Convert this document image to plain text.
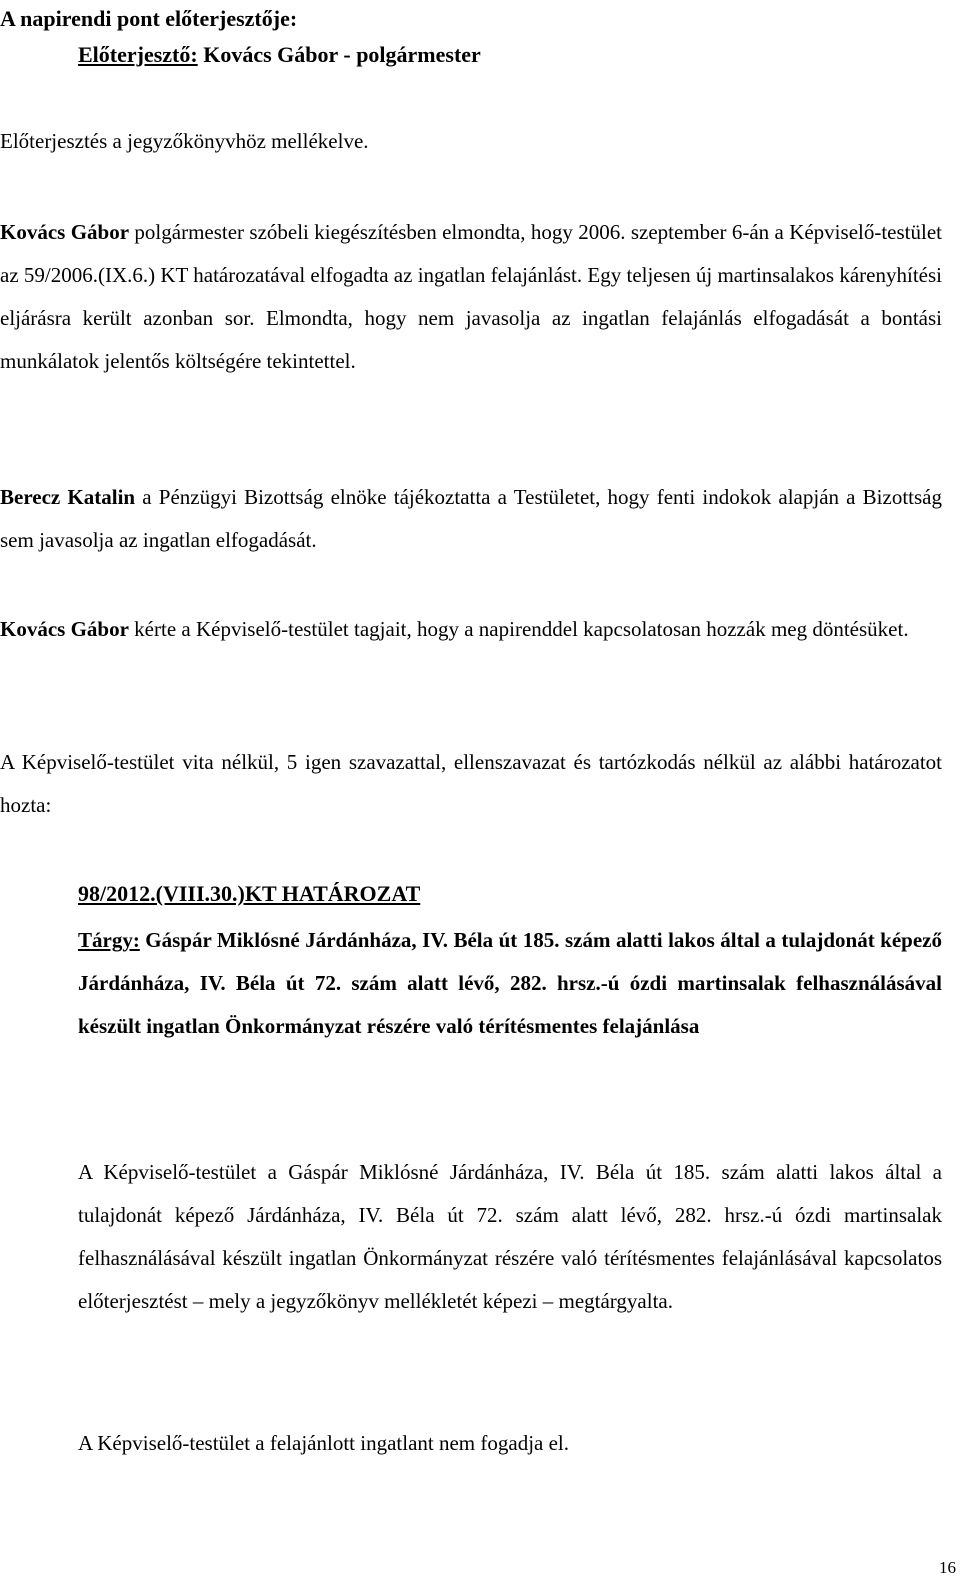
A napirendi pont előterjesztője:

Előterjesztő: Kovács Gábor - polgármester

Előterjesztés a jegyzőkönyvhöz mellékelve.

Kovács Gábor polgármester szóbeli kiegészítésben elmondta, hogy 2006. szeptember 6-án a Képviselő-testület az 59/2006.(IX.6.) KT határozatával elfogadta az ingatlan felajánlást. Egy teljesen új martinsalakos kárenyhítési eljárásra került azonban sor. Elmondta, hogy nem javasolja az ingatlan felajánlás elfogadását a bontási munkálatok jelentős költségére tekintettel.

Berecz Katalin a Pénzügyi Bizottság elnöke tájékoztatta a Testületet, hogy fenti indokok alapján a Bizottság sem javasolja az ingatlan elfogadását.

Kovács Gábor kérte a Képviselő-testület tagjait, hogy a napirenddel kapcsolatosan hozzák meg döntésüket.

A Képviselő-testület vita nélkül, 5 igen szavazattal, ellenszavazat és tartózkodás nélkül az alábbi határozatot hozta:

98/2012.(VIII.30.)KT HATÁROZAT

Tárgy: Gáspár Miklósné Járdánháza, IV. Béla út 185. szám alatti lakos által a tulajdonát képező Járdánháza, IV. Béla út 72. szám alatt lévő, 282. hrsz.-ú ózdi martinsalak felhasználásával készült ingatlan Önkormányzat részére való térítésmentes felajánlása

A Képviselő-testület a Gáspár Miklósné Járdánháza, IV. Béla út 185. szám alatti lakos által a tulajdonát képező Járdánháza, IV. Béla út 72. szám alatt lévő, 282. hrsz.-ú ózdi martinsalak felhasználásával készült ingatlan Önkormányzat részére való térítésmentes felajánlásával kapcsolatos előterjesztést – mely a jegyzőkönyv mellékletét képezi – megtárgyalta.

A Képviselő-testület a felajánlott ingatlant nem fogadja el.

16
